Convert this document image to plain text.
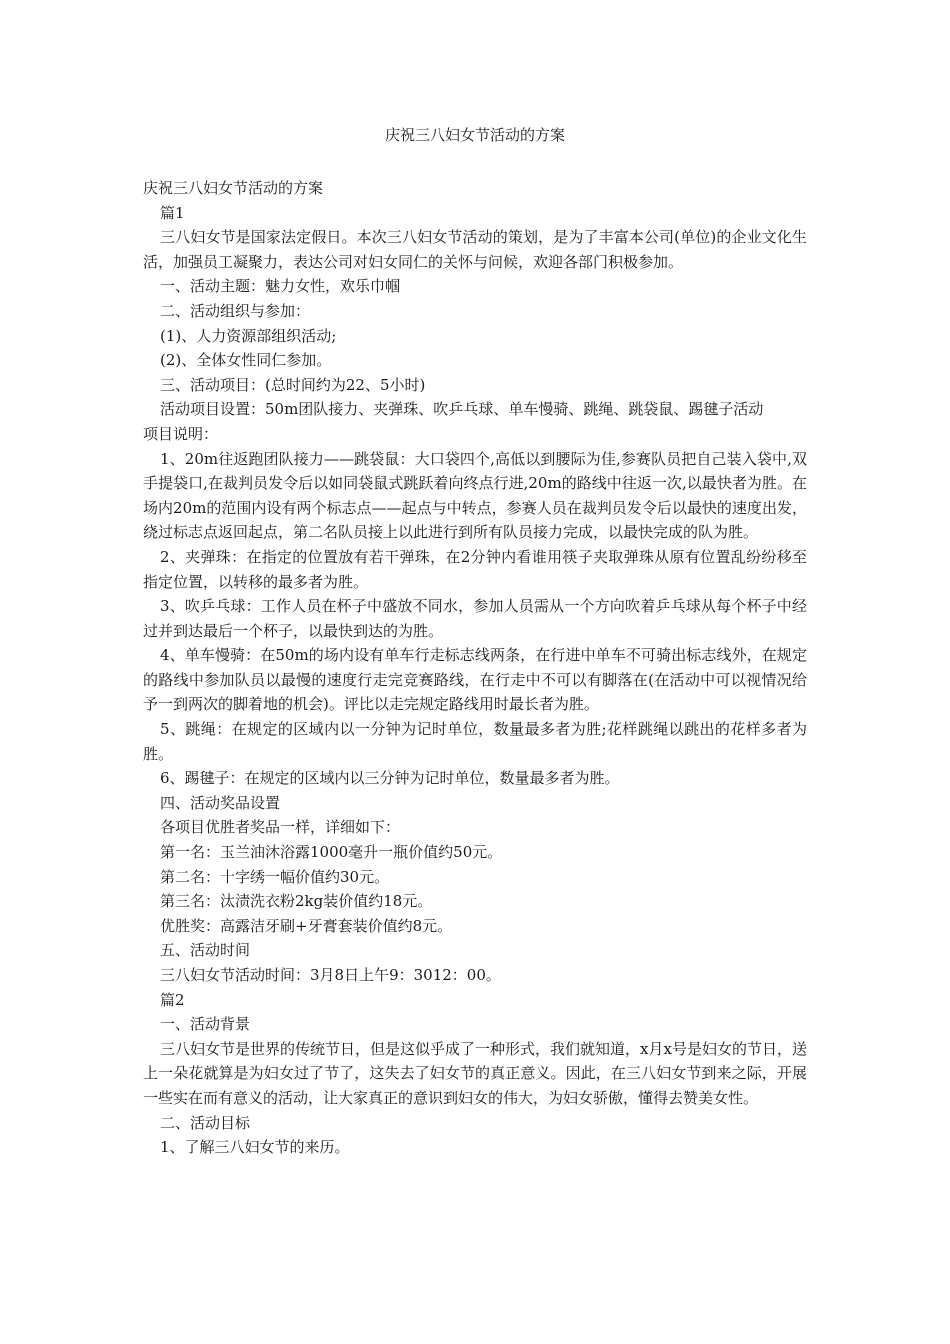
庆祝三八妇女节活动的方案

庆祝三八妇女节活动的方案

篇1

三八妇女节是国家法定假日。本次三八妇女节活动的策划，是为了丰富本公司(单位)的企业文化生活，加强员工凝聚力，表达公司对妇女同仁的关怀与问候，欢迎各部门积极参加。

一、活动主题：魅力女性，欢乐巾帼

二、活动组织与参加：

(1)、人力资源部组织活动;

(2)、全体女性同仁参加。

三、活动项目：(总时间约为22、5小时)

活动项目设置：50m团队接力、夹弹珠、吹乒乓球、单车慢骑、跳绳、跳袋鼠、踢毽子活动

项目说明：

1、20m往返跑团队接力——跳袋鼠：大口袋四个,高低以到腰际为佳,参赛队员把自己装入袋中,双手提袋口,在裁判员发令后以如同袋鼠式跳跃着向终点行进,20m的路线中往返一次,以最快者为胜。在场内20m的范围内设有两个标志点——起点与中转点，参赛人员在裁判员发令后以最快的速度出发，绕过标志点返回起点，第二名队员接上以此进行到所有队员接力完成，以最快完成的队为胜。

2、夹弹珠：在指定的位置放有若干弹珠，在2分钟内看谁用筷子夹取弹珠从原有位置乱纷纷移至指定位置，以转移的最多者为胜。

3、吹乒乓球：工作人员在杯子中盛放不同水，参加人员需从一个方向吹着乒乓球从每个杯子中经过并到达最后一个杯子，以最快到达的为胜。

4、单车慢骑：在50m的场内设有单车行走标志线两条，在行进中单车不可骑出标志线外，在规定的路线中参加队员以最慢的速度行走完竞赛路线，在行走中不可以有脚落在(在活动中可以视情况给予一到两次的脚着地的机会)。评比以走完规定路线用时最长者为胜。

5、跳绳：在规定的区域内以一分钟为记时单位，数量最多者为胜;花样跳绳以跳出的花样多者为胜。

6、踢毽子：在规定的区域内以三分钟为记时单位，数量最多者为胜。

四、活动奖品设置

各项目优胜者奖品一样，详细如下：

第一名：玉兰油沐浴露1000毫升一瓶价值约50元。

第二名：十字绣一幅价值约30元。

第三名：汰渍洗衣粉2kg装价值约18元。

优胜奖：高露洁牙刷+牙膏套装价值约8元。

五、活动时间

三八妇女节活动时间：3月8日上午9：3012：00。

篇2

一、活动背景

三八妇女节是世界的传统节日，但是这似乎成了一种形式，我们就知道，x月x号是妇女的节日，送上一朵花就算是为妇女过了节了，这失去了妇女节的真正意义。因此，在三八妇女节到来之际，开展一些实在而有意义的活动，让大家真正的意识到妇女的伟大，为妇女骄傲，懂得去赞美女性。

二、活动目标

1、了解三八妇女节的来历。
